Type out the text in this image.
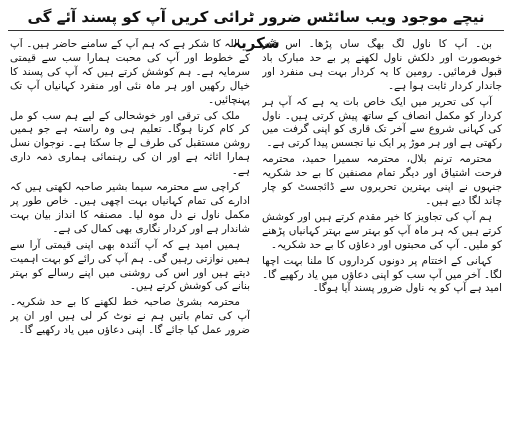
نیچے موجود ویب سائٹس ضرور ٹرائی کریں آپ کو پسند آئے گی شکریہ

بن۔ آپ کا ناول لگ بھگ ساں پڑھا۔ اس قدر خوبصورت اور دلکش ناول لکھنے پر بے حد مبارک باد قبول فرمائیں۔ رومین کا یہ کردار بہت ہی منفرد اور جاندار کردار ثابت ہوا ہے۔

آپ کی تحریر میں ایک خاص بات یہ ہے کہ آپ ہر کردار کو مکمل انصاف کے ساتھ پیش کرتی ہیں۔ ناول کی کہانی شروع سے آخر تک قاری کو اپنی گرفت میں رکھتی ہے اور ہر موڑ پر ایک نیا تجسس پیدا کرتی ہے۔

محترمہ ترنم بلال، محترمہ سمیرا حمید، محترمہ فرحت اشتیاق اور دیگر تمام مصنفین کا بے حد شکریہ جنہوں نے اپنی بہترین تحریروں سے ڈائجسٹ کو چار چاند لگا دیے ہیں۔

ہم آپ کی تجاویز کا خیر مقدم کرتے ہیں اور کوشش کرتے ہیں کہ ہر ماہ آپ کو بہتر سے بہتر کہانیاں پڑھنے کو ملیں۔ آپ کی محبتوں اور دعاؤں کا بے حد شکریہ۔

کہانی کے اختتام پر دونوں کرداروں کا ملنا بہت اچھا لگا۔ آخر میں آپ سب کو اپنی دعاؤں میں یاد رکھیے گا۔ امید ہے آپ کو یہ ناول ضرور پسند آیا ہوگا۔

اللہ کا شکر ہے کہ ہم آپ کے سامنے حاضر ہیں۔ آپ کے خطوط اور آپ کی محبت ہمارا سب سے قیمتی سرمایہ ہے۔ ہم کوشش کرتے ہیں کہ آپ کی پسند کا خیال رکھیں اور ہر ماہ نئی اور منفرد کہانیاں آپ تک پہنچائیں۔

ملک کی ترقی اور خوشحالی کے لیے ہم سب کو مل کر کام کرنا ہوگا۔ تعلیم ہی وہ راستہ ہے جو ہمیں روشن مستقبل کی طرف لے جا سکتا ہے۔ نوجوان نسل ہمارا اثاثہ ہے اور ان کی رہنمائی ہماری ذمہ داری ہے۔

کراچی سے محترمہ سیما بشیر صاحبہ لکھتی ہیں کہ ادارے کی تمام کہانیاں بہت اچھی ہیں۔ خاص طور پر مکمل ناول نے دل موہ لیا۔ مصنفہ کا انداز بیان بہت شاندار ہے اور کردار نگاری بھی کمال کی ہے۔

ہمیں امید ہے کہ آپ آئندہ بھی اپنی قیمتی آرا سے ہمیں نوازتی رہیں گی۔ ہم آپ کی رائے کو بہت اہمیت دیتے ہیں اور اس کی روشنی میں اپنے رسالے کو بہتر بنانے کی کوشش کرتے ہیں۔

محترمہ بشریٰ صاحبہ خط لکھنے کا بے حد شکریہ۔ آپ کی تمام باتیں ہم نے نوٹ کر لی ہیں اور ان پر ضرور عمل کیا جائے گا۔ اپنی دعاؤں میں یاد رکھیے گا۔
